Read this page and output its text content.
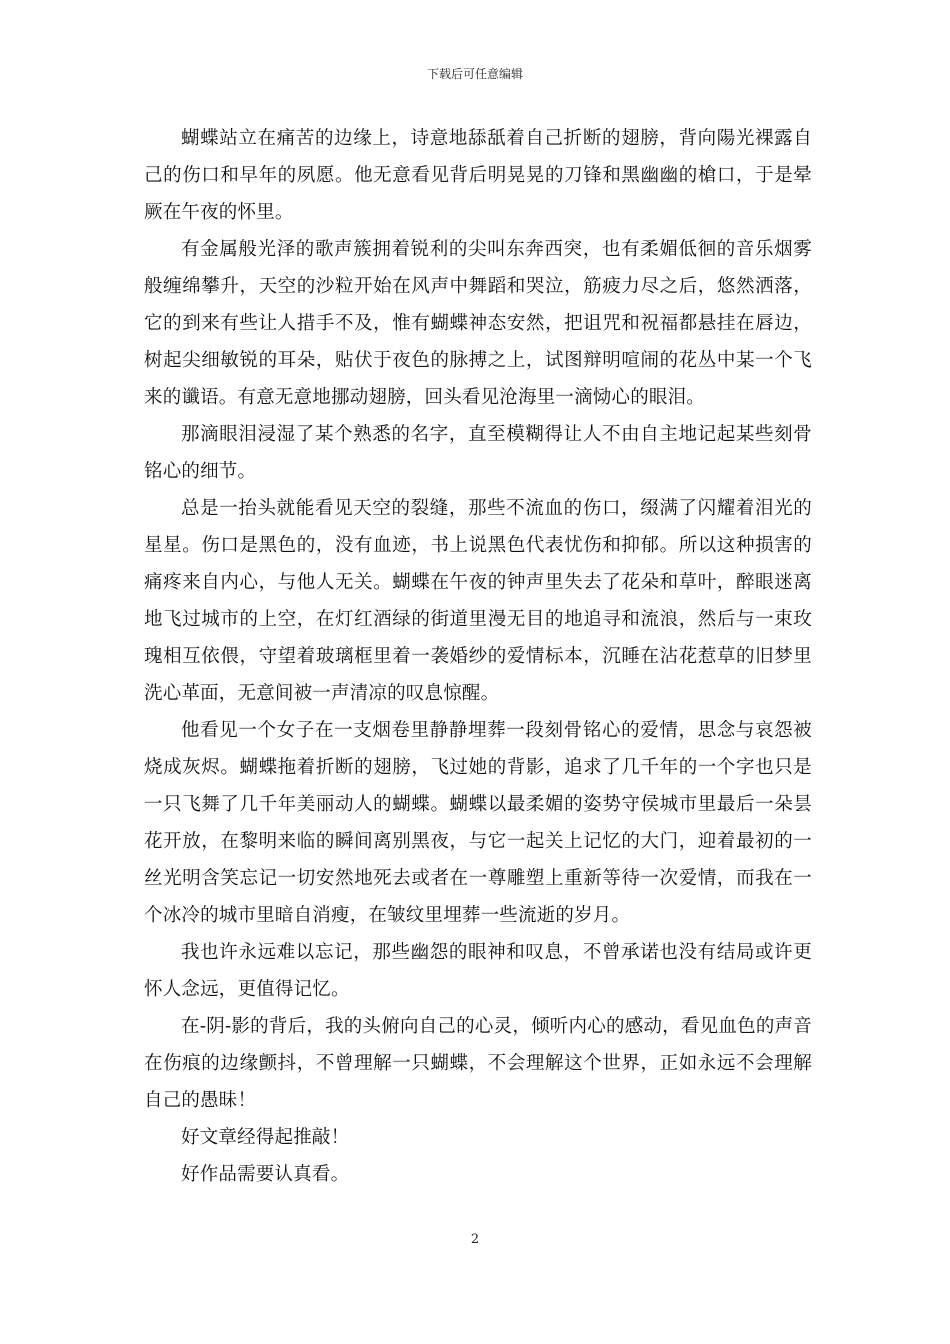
下载后可任意编辑

蝴蝶站立在痛苦的边缘上，诗意地舔舐着自己折断的翅膀，背向陽光裸露自己的伤口和早年的夙愿。他无意看见背后明晃晃的刀锋和黑幽幽的槍口，于是晕厥在午夜的怀里。

有金属般光泽的歌声簇拥着锐利的尖叫东奔西突，也有柔媚低徊的音乐烟雾般缠绵攀升，天空的沙粒开始在风声中舞蹈和哭泣，筋疲力尽之后，悠然洒落，它的到来有些让人措手不及，惟有蝴蝶神态安然，把诅咒和祝福都悬挂在唇边，树起尖细敏锐的耳朵，贴伏于夜色的脉搏之上，试图辩明喧闹的花丛中某一个飞来的谶语。有意无意地挪动翅膀，回头看见沧海里一滴恸心的眼泪。

那滴眼泪浸湿了某个熟悉的名字，直至模糊得让人不由自主地记起某些刻骨铭心的细节。

总是一抬头就能看见天空的裂缝，那些不流血的伤口，缀满了闪耀着泪光的星星。伤口是黑色的，没有血迹，书上说黑色代表忧伤和抑郁。所以这种损害的痛疼来自内心，与他人无关。蝴蝶在午夜的钟声里失去了花朵和草叶，醉眼迷离地飞过城市的上空，在灯红酒绿的街道里漫无目的地追寻和流浪，然后与一束玫瑰相互依偎，守望着玻璃框里着一袭婚纱的爱情标本，沉睡在沾花惹草的旧梦里洗心革面，无意间被一声清凉的叹息惊醒。

他看见一个女子在一支烟卷里静静埋葬一段刻骨铭心的爱情，思念与哀怨被烧成灰烬。蝴蝶拖着折断的翅膀，飞过她的背影，追求了几千年的一个字也只是一只飞舞了几千年美丽动人的蝴蝶。蝴蝶以最柔媚的姿势守侯城市里最后一朵昙花开放，在黎明来临的瞬间离别黑夜，与它一起关上记忆的大门，迎着最初的一丝光明含笑忘记一切安然地死去或者在一尊雕塑上重新等待一次爱情，而我在一个冰冷的城市里暗自消瘦，在皱纹里埋葬一些流逝的岁月。

我也许永远难以忘记，那些幽怨的眼神和叹息，不曾承诺也没有结局或许更怀人念远，更值得记忆。

在-阴-影的背后，我的头俯向自己的心灵，倾听内心的感动，看见血色的声音在伤痕的边缘颤抖，不曾理解一只蝴蝶，不会理解这个世界，正如永远不会理解自己的愚昧！

好文章经得起推敲！

好作品需要认真看。

2
